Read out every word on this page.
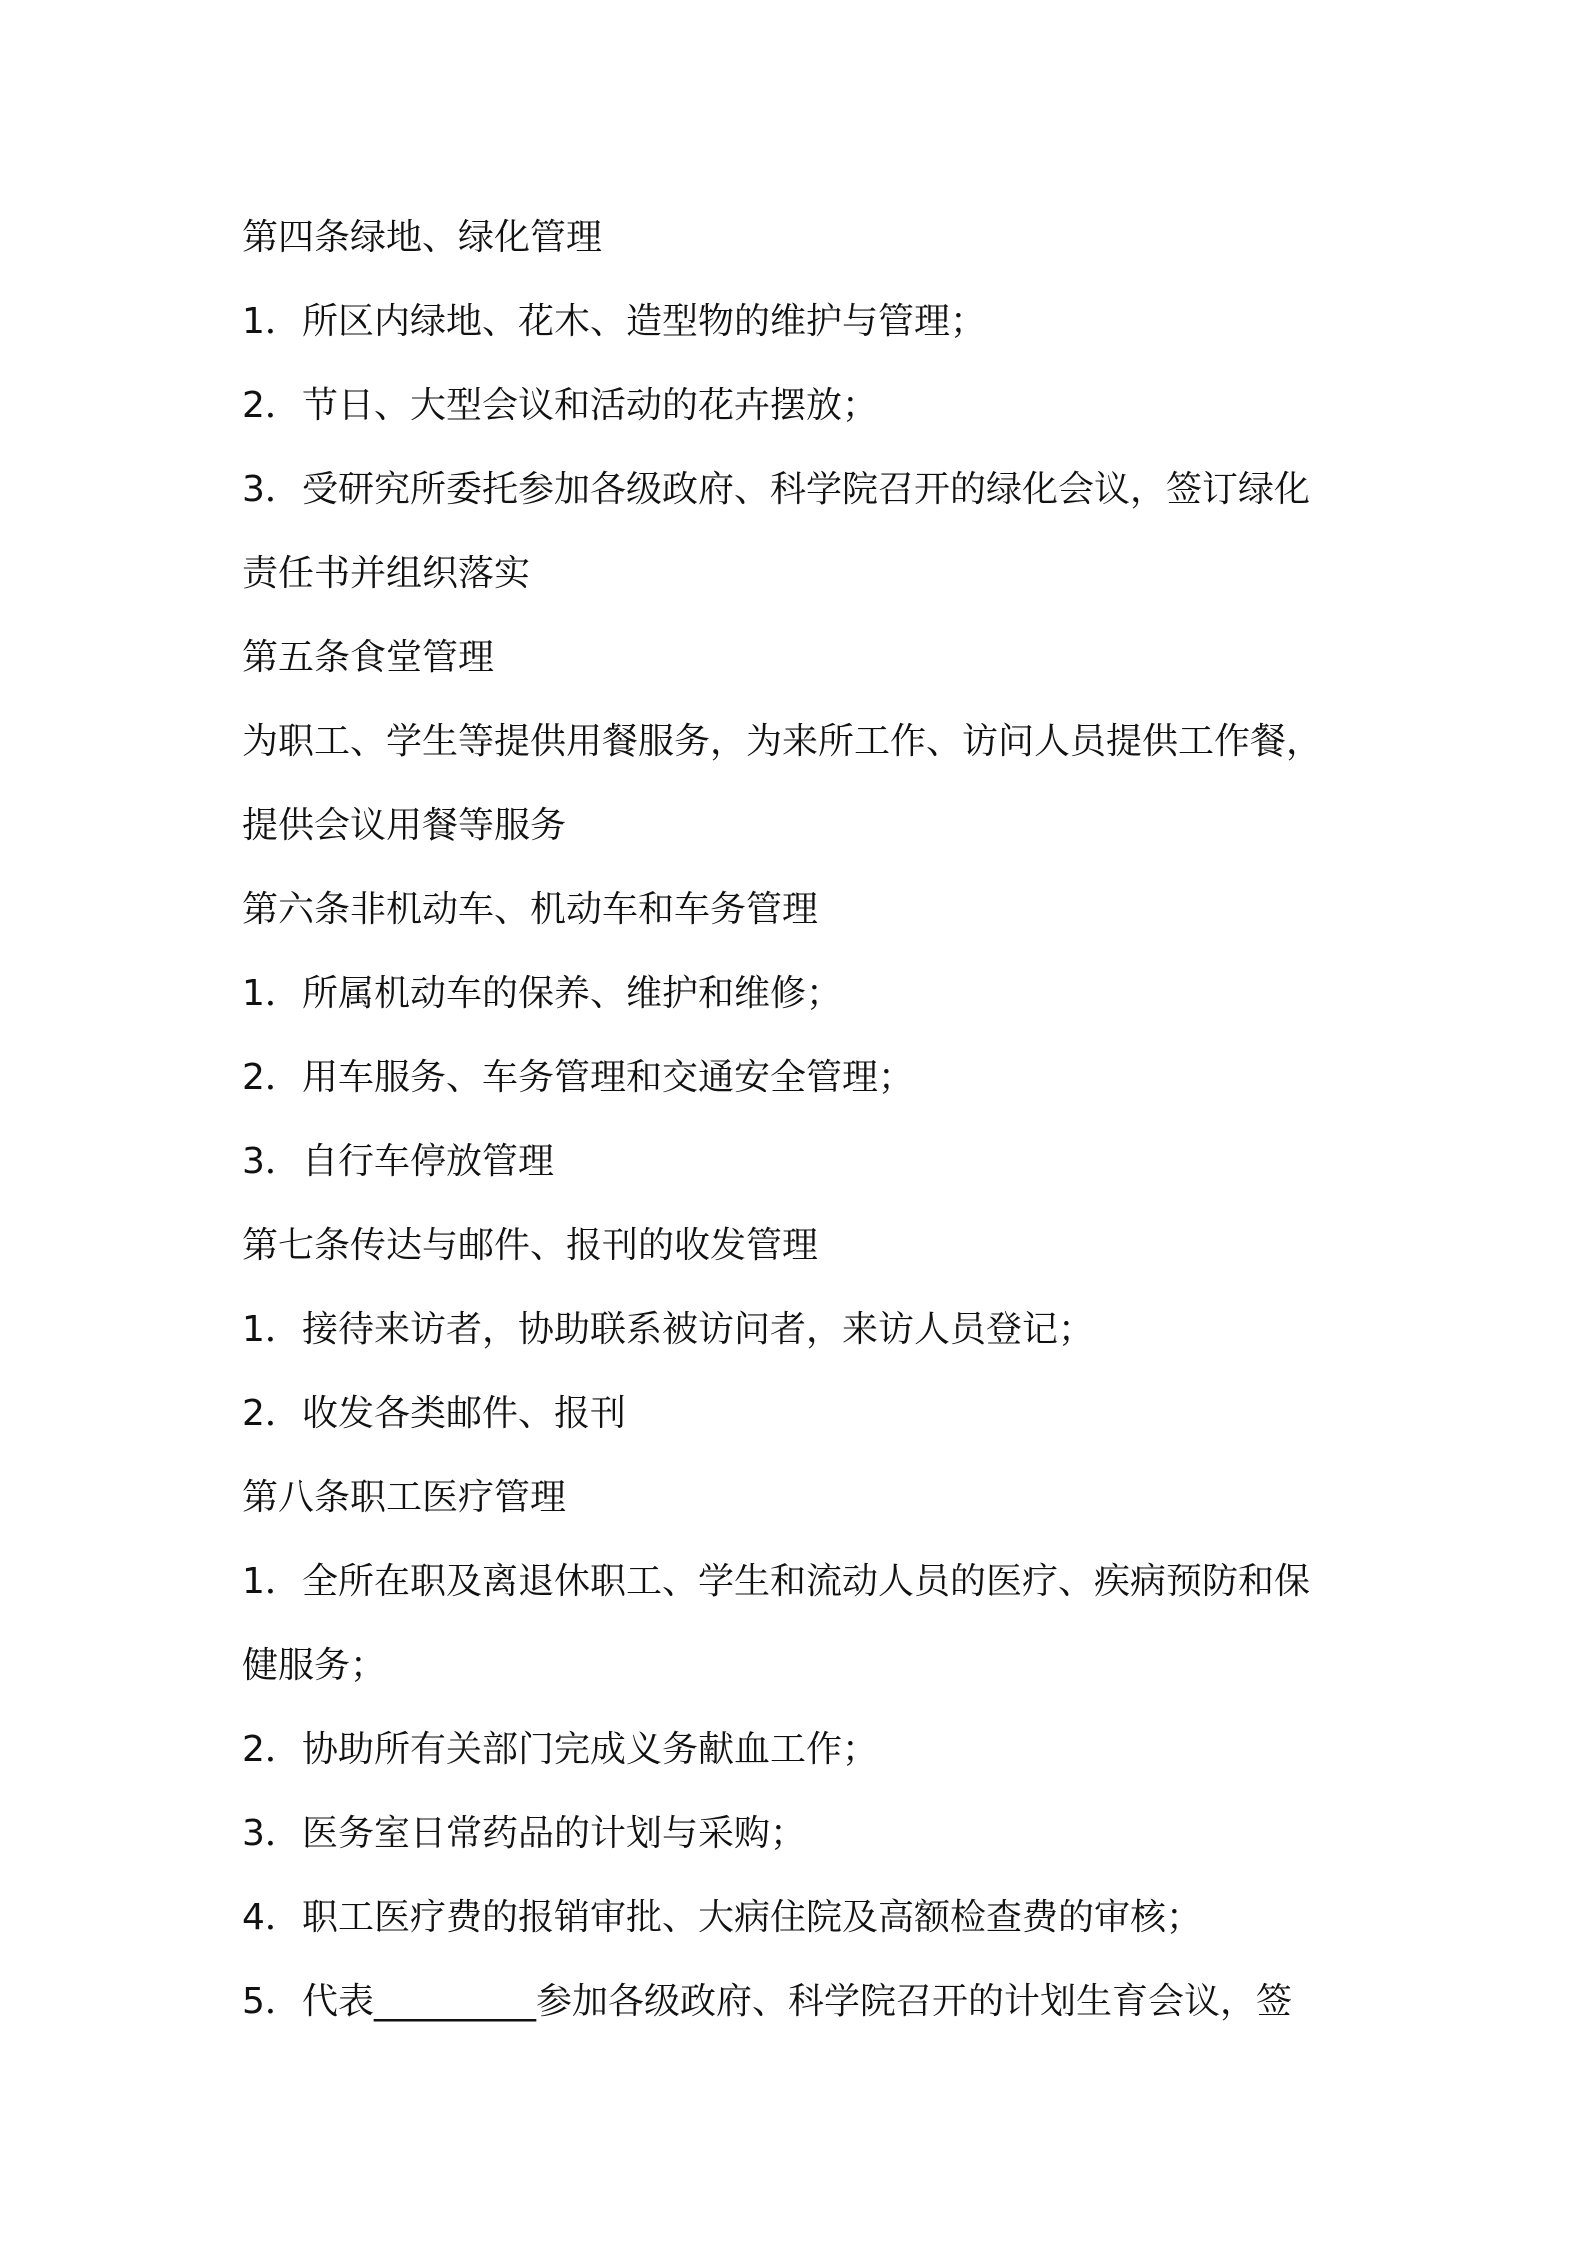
第四条绿地、绿化管理
1．所区内绿地、花木、造型物的维护与管理；
2．节日、大型会议和活动的花卉摆放；
3．受研究所委托参加各级政府、科学院召开的绿化会议，签订绿化
责任书并组织落实
第五条食堂管理
为职工、学生等提供用餐服务，为来所工作、访问人员提供工作餐，
提供会议用餐等服务
第六条非机动车、机动车和车务管理
1．所属机动车的保养、维护和维修；
2．用车服务、车务管理和交通安全管理；
3．自行车停放管理
第七条传达与邮件、报刊的收发管理
1．接待来访者，协助联系被访问者，来访人员登记；
2．收发各类邮件、报刊
第八条职工医疗管理
1．全所在职及离退休职工、学生和流动人员的医疗、疾病预防和保
健服务；
2．协助所有关部门完成义务献血工作；
3．医务室日常药品的计划与采购；
4．职工医疗费的报销审批、大病住院及高额检查费的审核；
5．代表_________参加各级政府、科学院召开的计划生育会议，签
